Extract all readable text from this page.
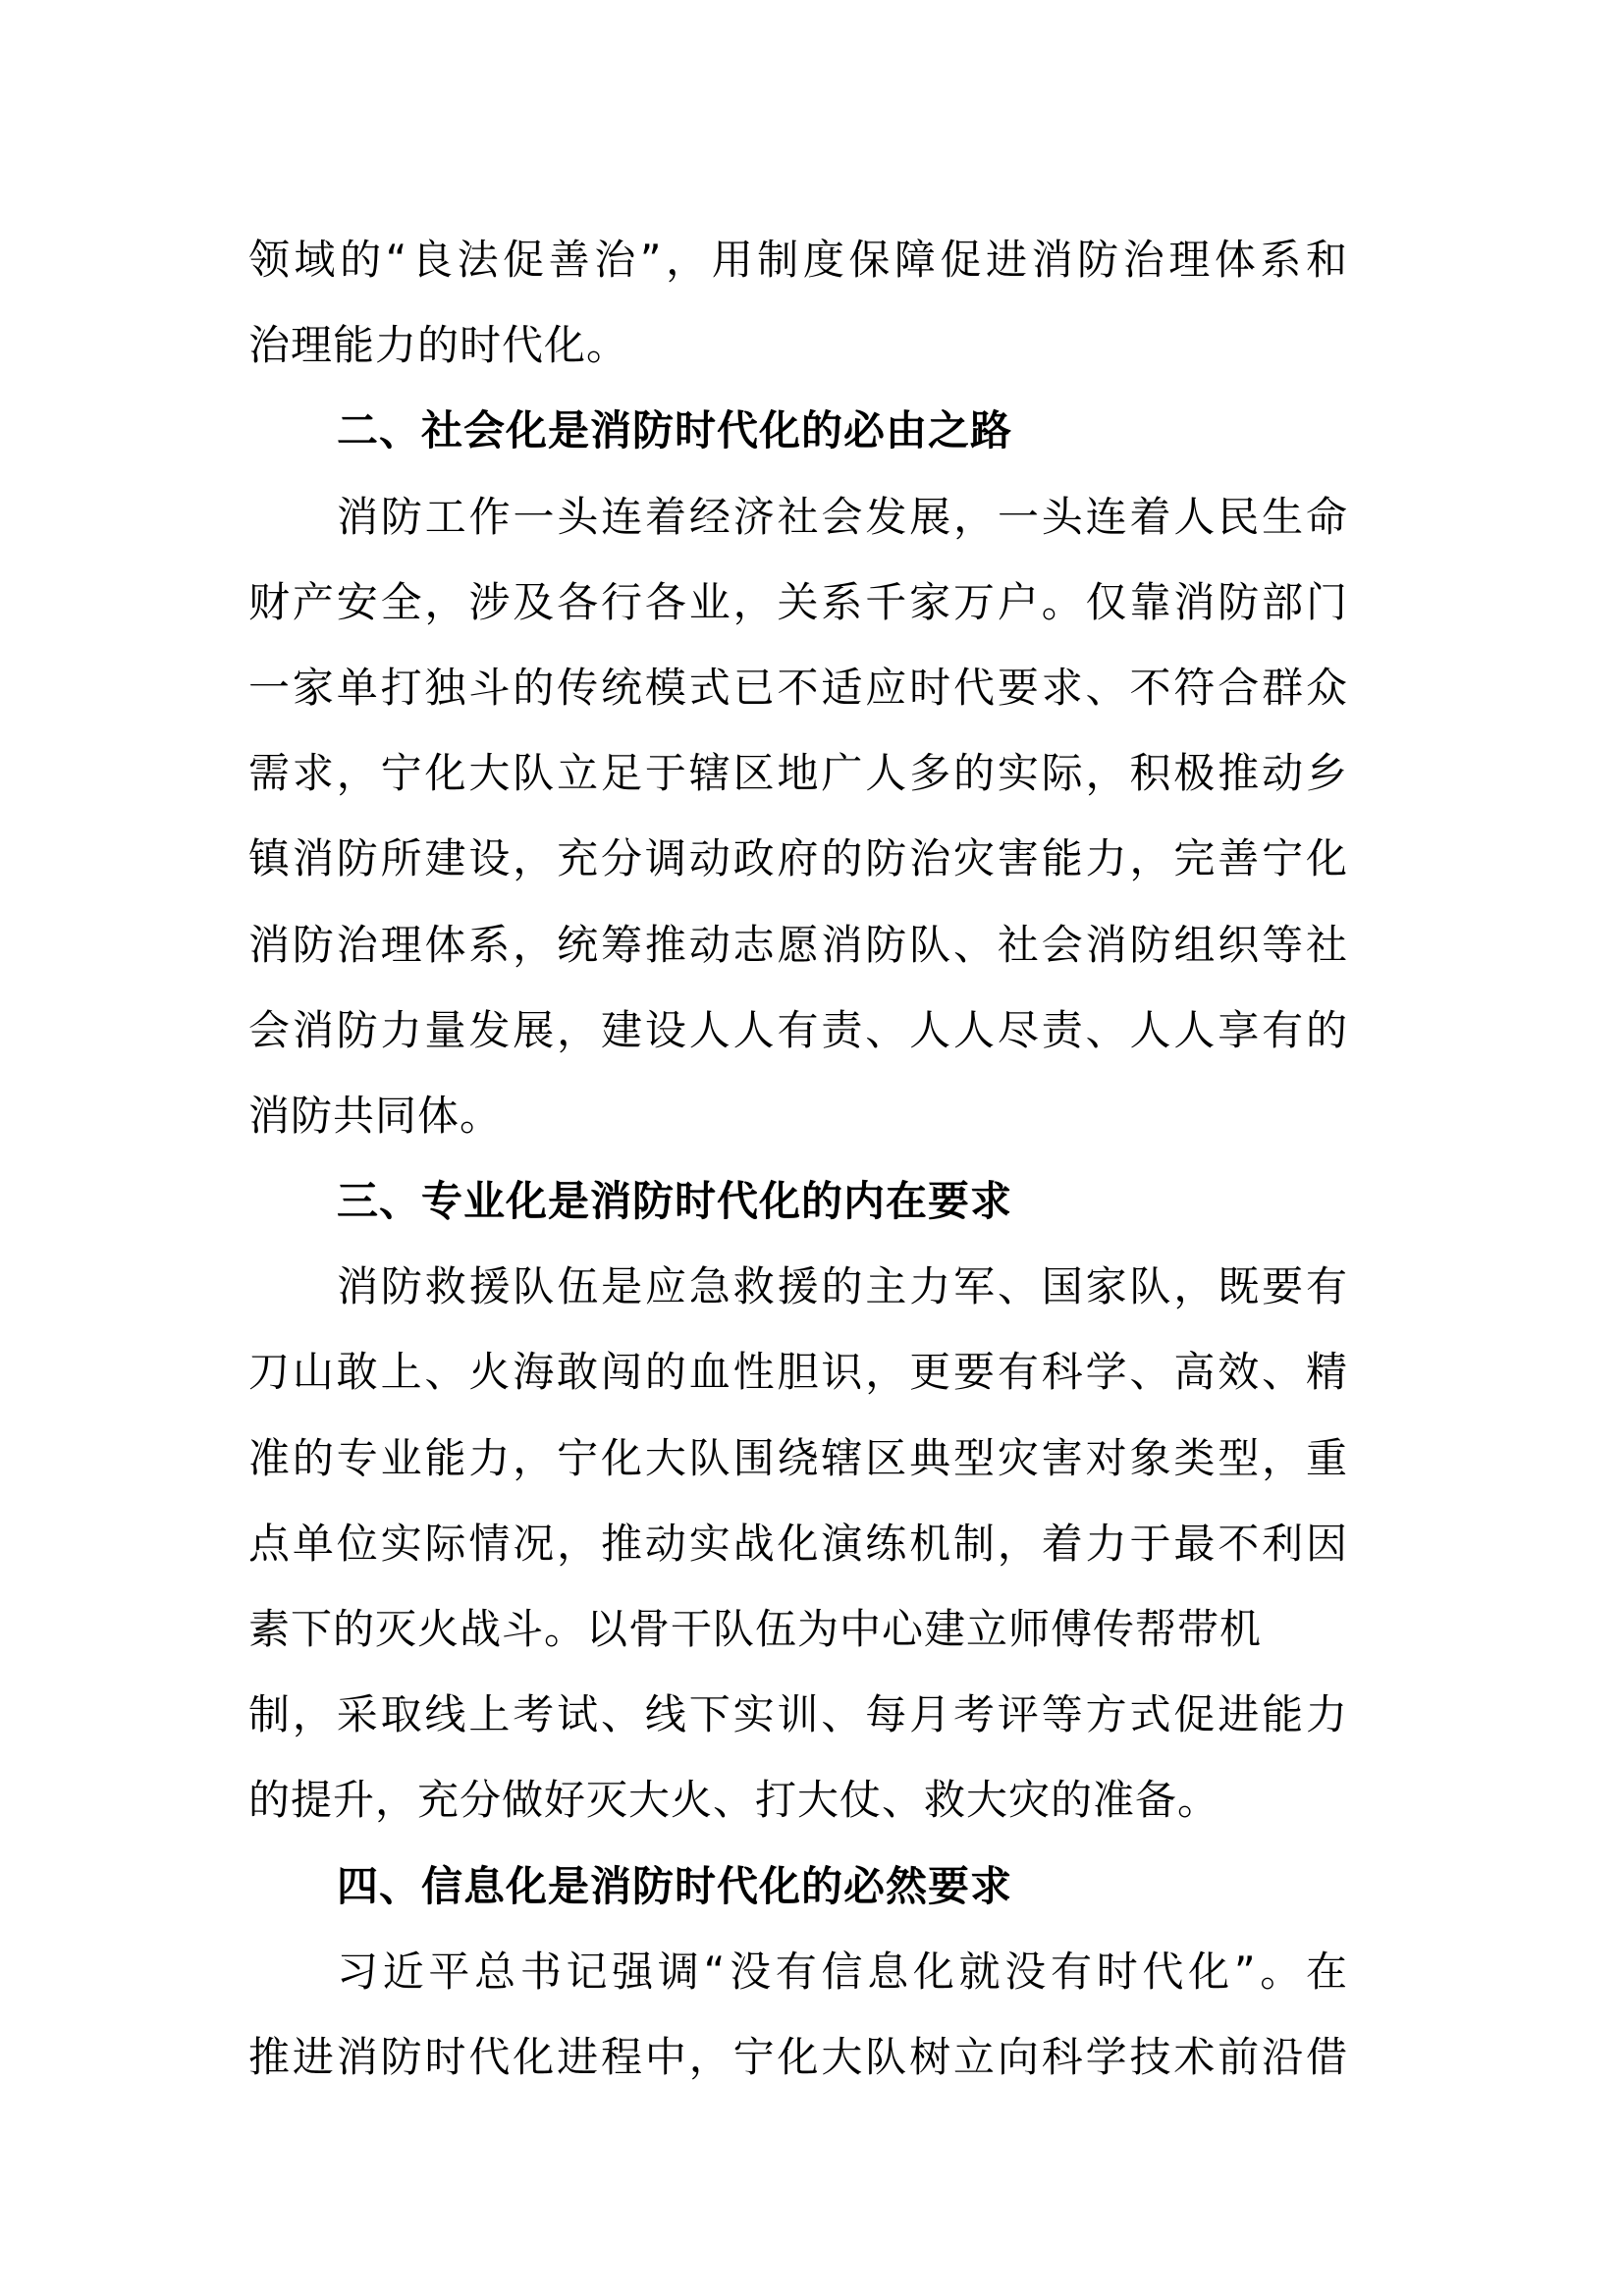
领域的“良法促善治”，用制度保障促进消防治理体系和
治理能力的时代化。
二、社会化是消防时代化的必由之路
消防工作一头连着经济社会发展，一头连着人民生命
财产安全，涉及各行各业，关系千家万户。仅靠消防部门
一家单打独斗的传统模式已不适应时代要求、不符合群众
需求，宁化大队立足于辖区地广人多的实际，积极推动乡
镇消防所建设，充分调动政府的防治灾害能力，完善宁化
消防治理体系，统筹推动志愿消防队、社会消防组织等社
会消防力量发展，建设人人有责、人人尽责、人人享有的
消防共同体。
三、专业化是消防时代化的内在要求
消防救援队伍是应急救援的主力军、国家队，既要有
刀山敢上、火海敢闯的血性胆识，更要有科学、高效、精
准的专业能力，宁化大队围绕辖区典型灾害对象类型，重
点单位实际情况，推动实战化演练机制，着力于最不利因
素下的灭火战斗。以骨干队伍为中心建立师傅传帮带机
制，采取线上考试、线下实训、每月考评等方式促进能力
的提升，充分做好灭大火、打大仗、救大灾的准备。
四、信息化是消防时代化的必然要求
习近平总书记强调“没有信息化就没有时代化”。在
推进消防时代化进程中，宁化大队树立向科学技术前沿借
